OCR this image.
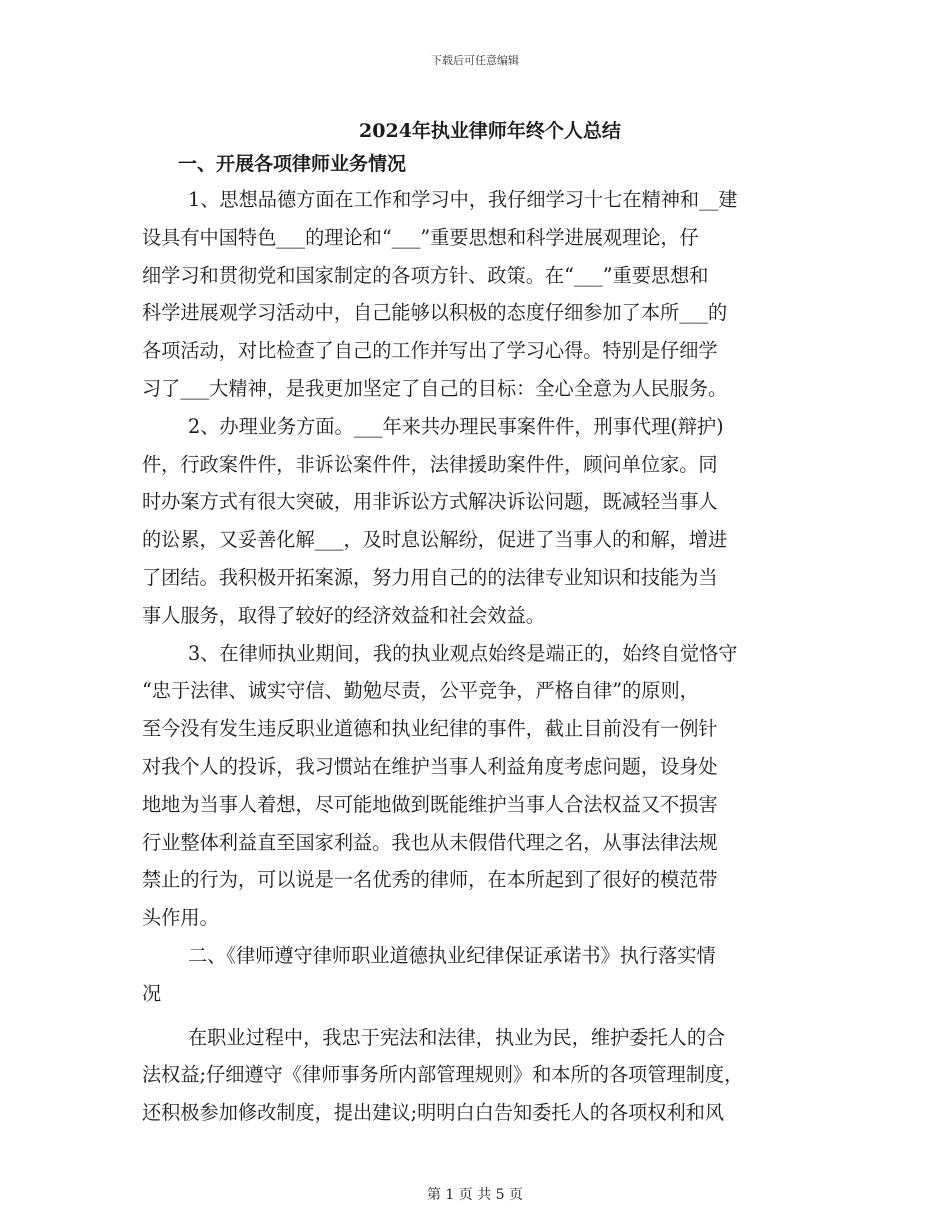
下载后可任意编辑
2024年执业律师年终个人总结
一、开展各项律师业务情况
1、思想品德方面在工作和学习中，我仔细学习十七在精神和__建
设具有中国特色___的理论和“___”重要思想和科学进展观理论，仔
细学习和贯彻党和国家制定的各项方针、政策。在“___”重要思想和
科学进展观学习活动中，自己能够以积极的态度仔细参加了本所___的
各项活动，对比检查了自己的工作并写出了学习心得。特别是仔细学
习了___大精神，是我更加坚定了自己的目标：全心全意为人民服务。
2、办理业务方面。___年来共办理民事案件件，刑事代理(辩护)
件，行政案件件，非诉讼案件件，法律援助案件件，顾问单位家。同
时办案方式有很大突破，用非诉讼方式解决诉讼问题，既减轻当事人
的讼累，又妥善化解___，及时息讼解纷，促进了当事人的和解，增进
了团结。我积极开拓案源，努力用自己的的法律专业知识和技能为当
事人服务，取得了较好的经济效益和社会效益。
3、在律师执业期间，我的执业观点始终是端正的，始终自觉恪守
“忠于法律、诚实守信、勤勉尽责，公平竞争，严格自律”的原则，
至今没有发生违反职业道德和执业纪律的事件，截止目前没有一例针
对我个人的投诉，我习惯站在维护当事人利益角度考虑问题，设身处
地地为当事人着想，尽可能地做到既能维护当事人合法权益又不损害
行业整体利益直至国家利益。我也从未假借代理之名，从事法律法规
禁止的行为，可以说是一名优秀的律师，在本所起到了很好的模范带
头作用。
二、《律师遵守律师职业道德执业纪律保证承诺书》执行落实情
况
在职业过程中，我忠于宪法和法律，执业为民，维护委托人的合
法权益;仔细遵守《律师事务所内部管理规则》和本所的各项管理制度，
还积极参加修改制度，提出建议;明明白白告知委托人的各项权利和风
第 1 页 共 5 页
